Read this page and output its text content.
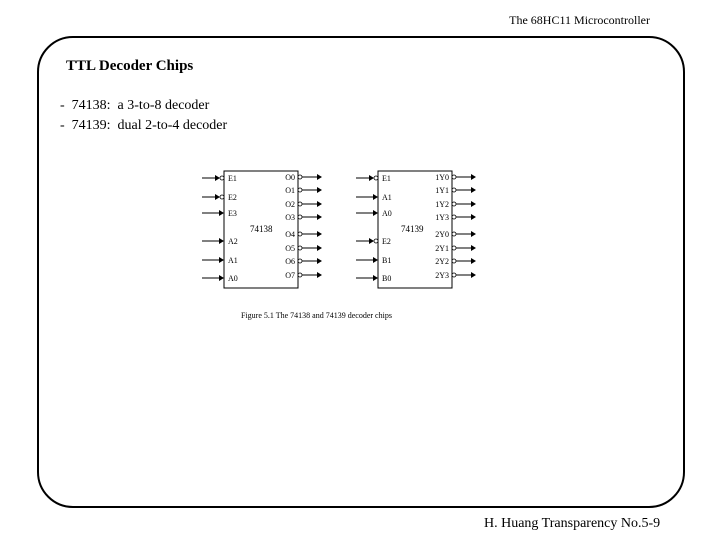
The 68HC11 Microcontroller
TTL Decoder Chips
-  74138:  a 3-to-8 decoder
-  74139:  dual 2-to-4 decoder
74138
E1
E2
E3
A2
A1
A0
O0
O1
O2
O3
O4
O5
O6
O7
74139
E1
A1
A0
E2
B1
B0
1Y0
1Y1
1Y2
1Y3
2Y0
2Y1
2Y2
2Y3
Figure 5.1 The 74138 and 74139 decoder chips
H. Huang Transparency No.5-9
